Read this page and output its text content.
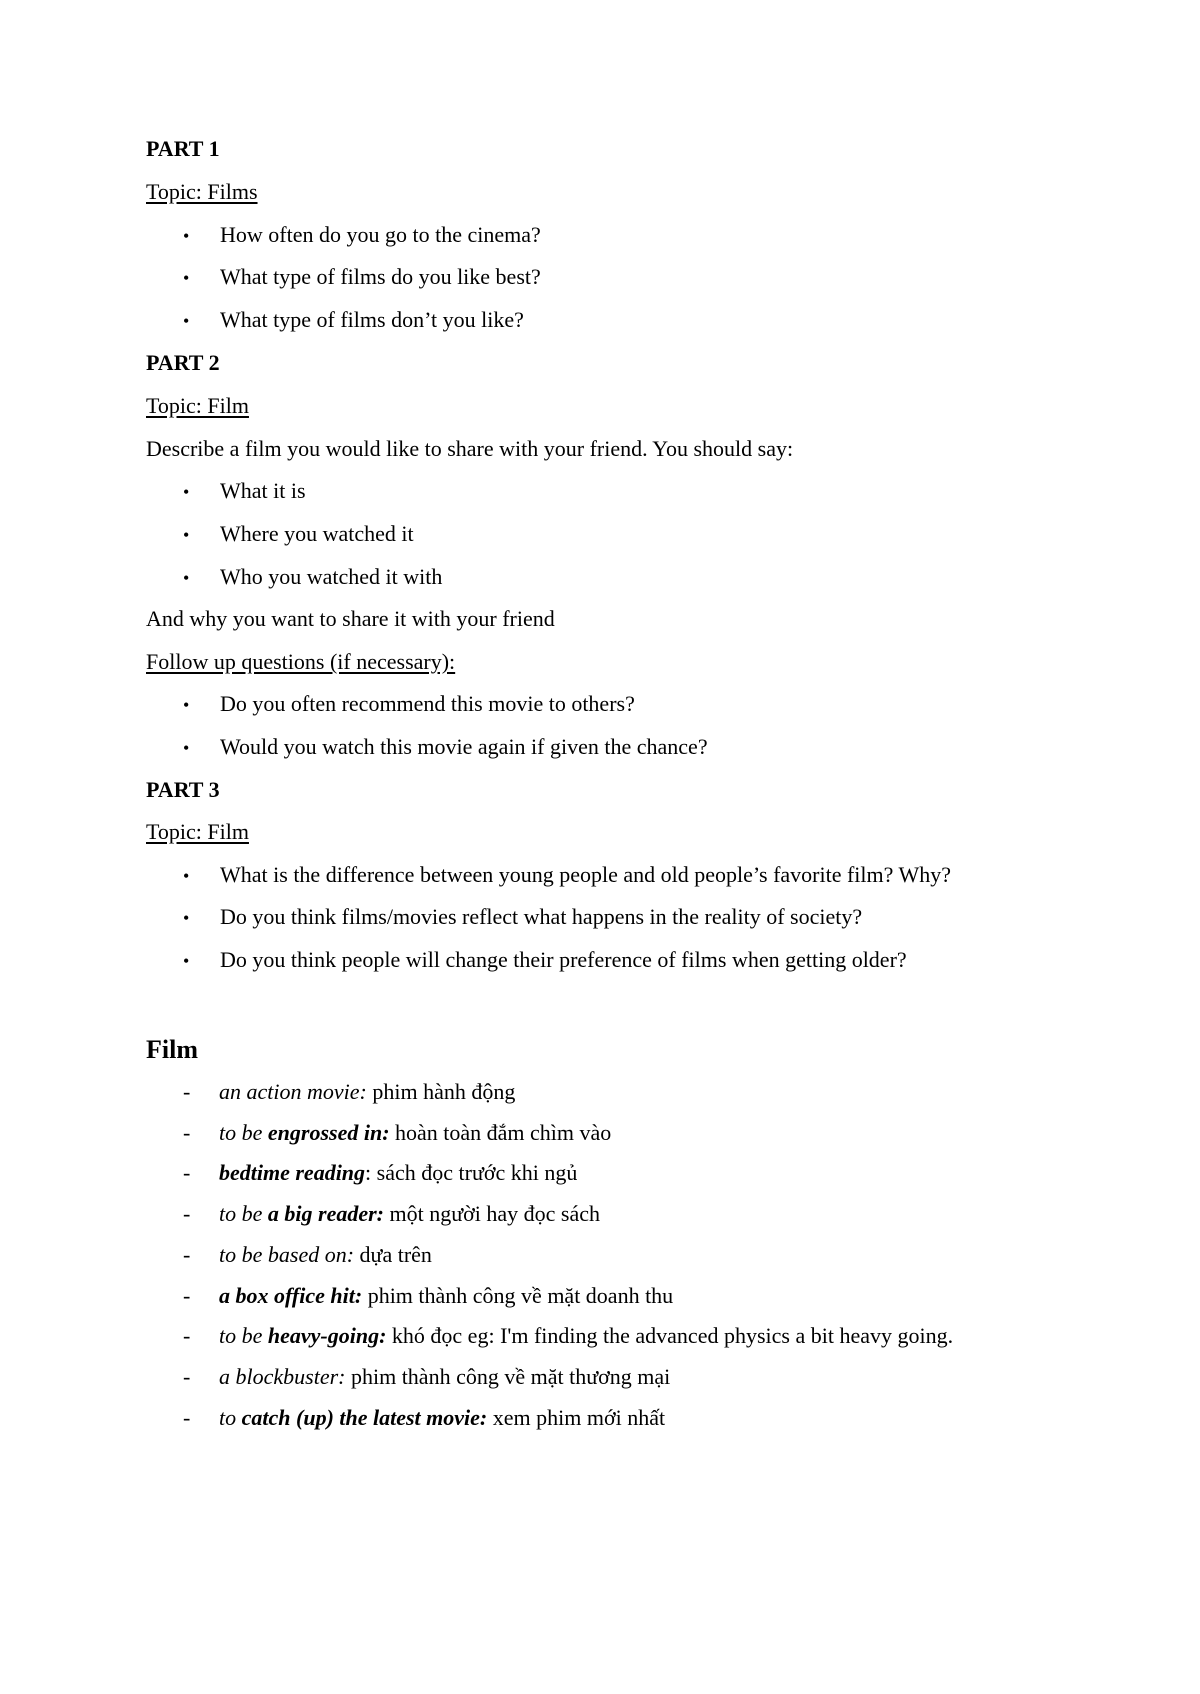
PART 1
Topic: Films
• How often do you go to the cinema?
• What type of films do you like best?
• What type of films don’t you like?
PART 2
Topic: Film
Describe a film you would like to share with your friend. You should say:
• What it is
• Where you watched it
• Who you watched it with
And why you want to share it with your friend
Follow up questions (if necessary):
• Do you often recommend this movie to others?
• Would you watch this movie again if given the chance?
PART 3
Topic: Film
• What is the difference between young people and old people’s favorite film? Why?
• Do you think films/movies reflect what happens in the reality of society?
• Do you think people will change their preference of films when getting older?
Film
- an action movie: phim hành động
- to be engrossed in: hoàn toàn đắm chìm vào
- bedtime reading: sách đọc trước khi ngủ
- to be a big reader: một người hay đọc sách
- to be based on: dựa trên
- a box office hit: phim thành công về mặt doanh thu
- to be heavy-going: khó đọc eg: I'm finding the advanced physics a bit heavy going.
- a blockbuster: phim thành công về mặt thương mại
- to catch (up) the latest movie: xem phim mới nhất
